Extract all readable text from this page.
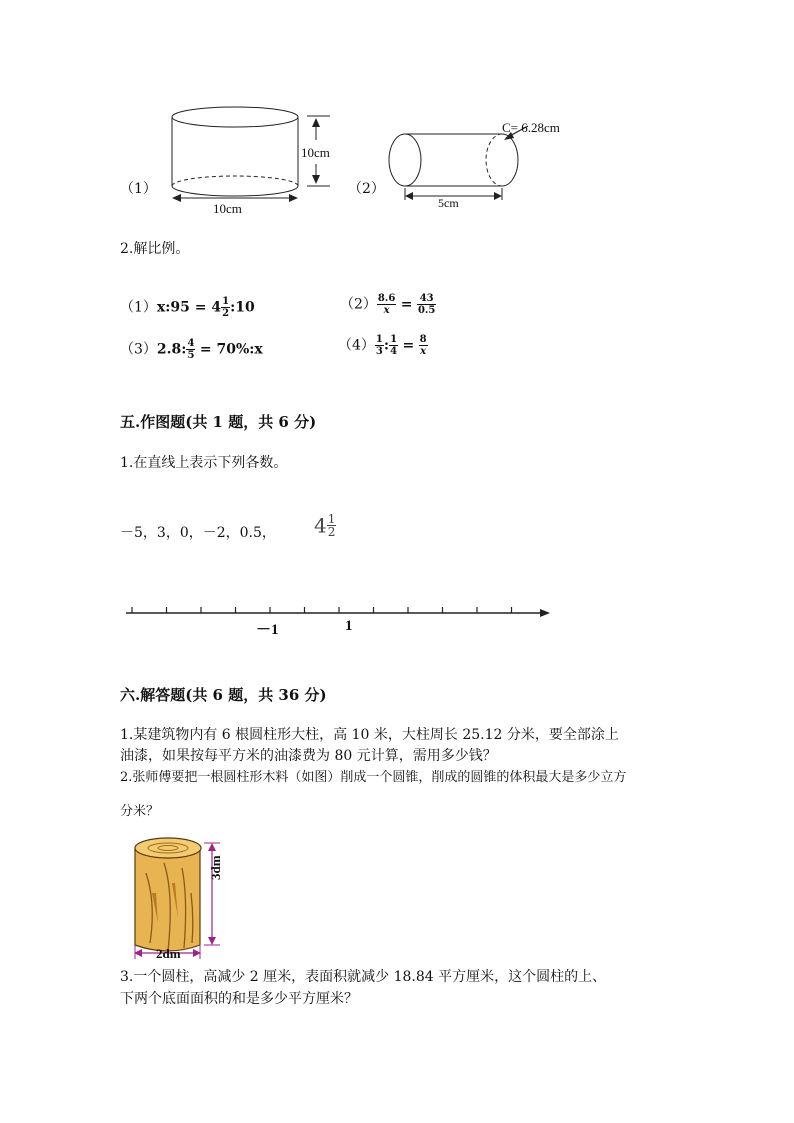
（1）
10cm
10cm
（2）
C= 6.28cm
5cm
2.解比例。
（1）x:95 = $4 \frac{1}{2}$ :10	$(2) \frac{8.6}{x} = \frac{43}{0.5}$
（3）2.8: $\frac{4}{5}$ = 70%:x	$(4) \frac{1}{3}$ : $\frac{1}{4} = \frac{8}{x}$
五.作图题(共 1 题，共 6 分)
1.在直线上表示下列各数。
－5，3，0，－2，0.5， $4 \frac{1}{2}$
－1	1
六.解答题(共 6 题，共 36 分)
1.某建筑物内有 6 根圆柱形大柱，高 10 米，大柱周长 25.12 分米，要全部涂上
油漆，如果按每平方米的油漆费为 80 元计算，需用多少钱？
2.张师傅要把一根圆柱形木料（如图）削成一个圆锥，削成的圆锥的体积最大是多少立方
分米？
3dm
2dm
3.一个圆柱，高减少 2 厘米，表面积就减少 18.84 平方厘米，这个圆柱的上、
下两个底面面积的和是多少平方厘米？
